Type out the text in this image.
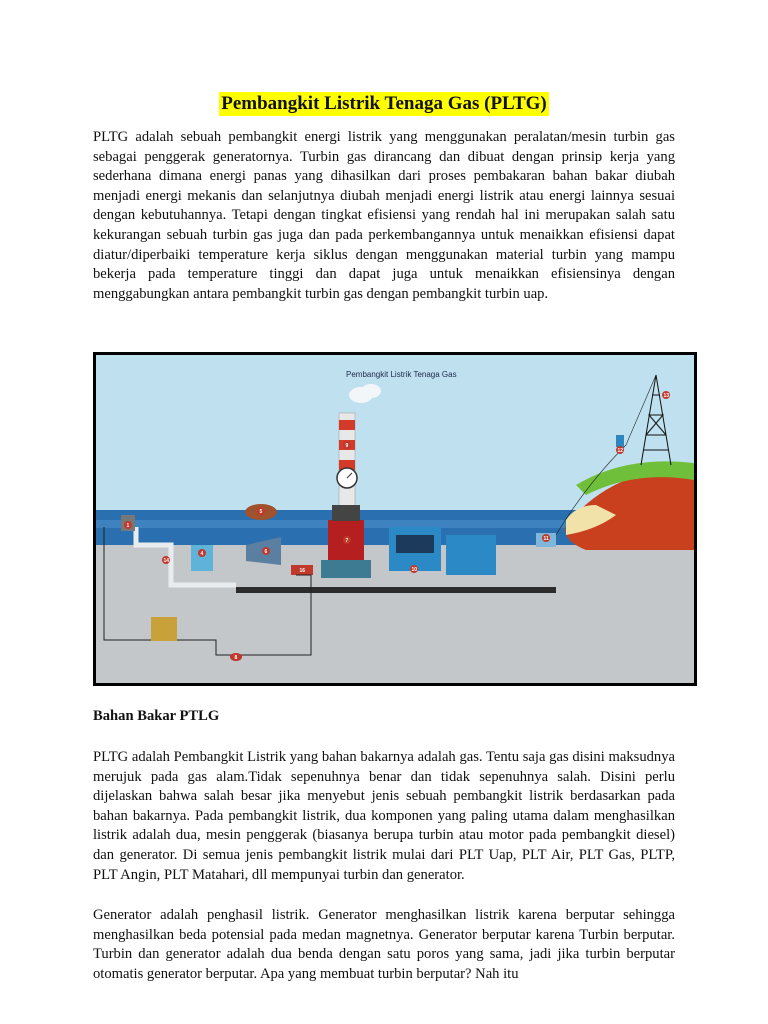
Pembangkit Listrik Tenaga Gas (PLTG)

PLTG adalah sebuah pembangkit energi listrik yang menggunakan peralatan/mesin turbin gas sebagai penggerak generatornya. Turbin gas dirancang dan dibuat dengan prinsip kerja yang sederhana dimana energi panas yang dihasilkan dari proses pembakaran bahan bakar diubah menjadi energi mekanis dan selanjutnya diubah menjadi energi listrik atau energi lainnya sesuai dengan kebutuhannya. Tetapi dengan tingkat efisiensi yang rendah hal ini merupakan salah satu kekurangan sebuah turbin gas juga dan pada perkembangannya untuk menaikkan efisiensi dapat diatur/diperbaiki temperature kerja siklus dengan menggunakan material turbin yang mampu bekerja pada temperature tinggi dan dapat juga untuk menaikkan efisiensinya dengan menggabungkan antara pembangkit turbin gas dengan pembangkit turbin uap.

Pembangkit Listrik Tenaga Gas
1
4
5
6
7
8
9
10
11
12
13
14
16

Bahan Bakar PTLG

PLTG adalah Pembangkit Listrik yang bahan bakarnya adalah gas. Tentu saja gas disini maksudnya merujuk pada gas alam.Tidak sepenuhnya benar dan tidak sepenuhnya salah. Disini perlu dijelaskan bahwa salah besar jika menyebut jenis sebuah pembangkit listrik berdasarkan pada bahan bakarnya. Pada pembangkit listrik, dua komponen yang paling utama dalam menghasilkan listrik adalah dua, mesin penggerak (biasanya berupa turbin atau motor pada pembangkit diesel) dan generator. Di semua jenis pembangkit listrik mulai dari PLT Uap, PLT Air, PLT Gas, PLTP, PLT Angin, PLT Matahari, dll mempunyai turbin dan generator.

Generator adalah penghasil listrik. Generator menghasilkan listrik karena berputar sehingga menghasilkan beda potensial pada medan magnetnya. Generator berputar karena Turbin berputar. Turbin dan generator adalah dua benda dengan satu poros yang sama, jadi jika turbin berputar otomatis generator berputar. Apa yang membuat turbin berputar? Nah itu
